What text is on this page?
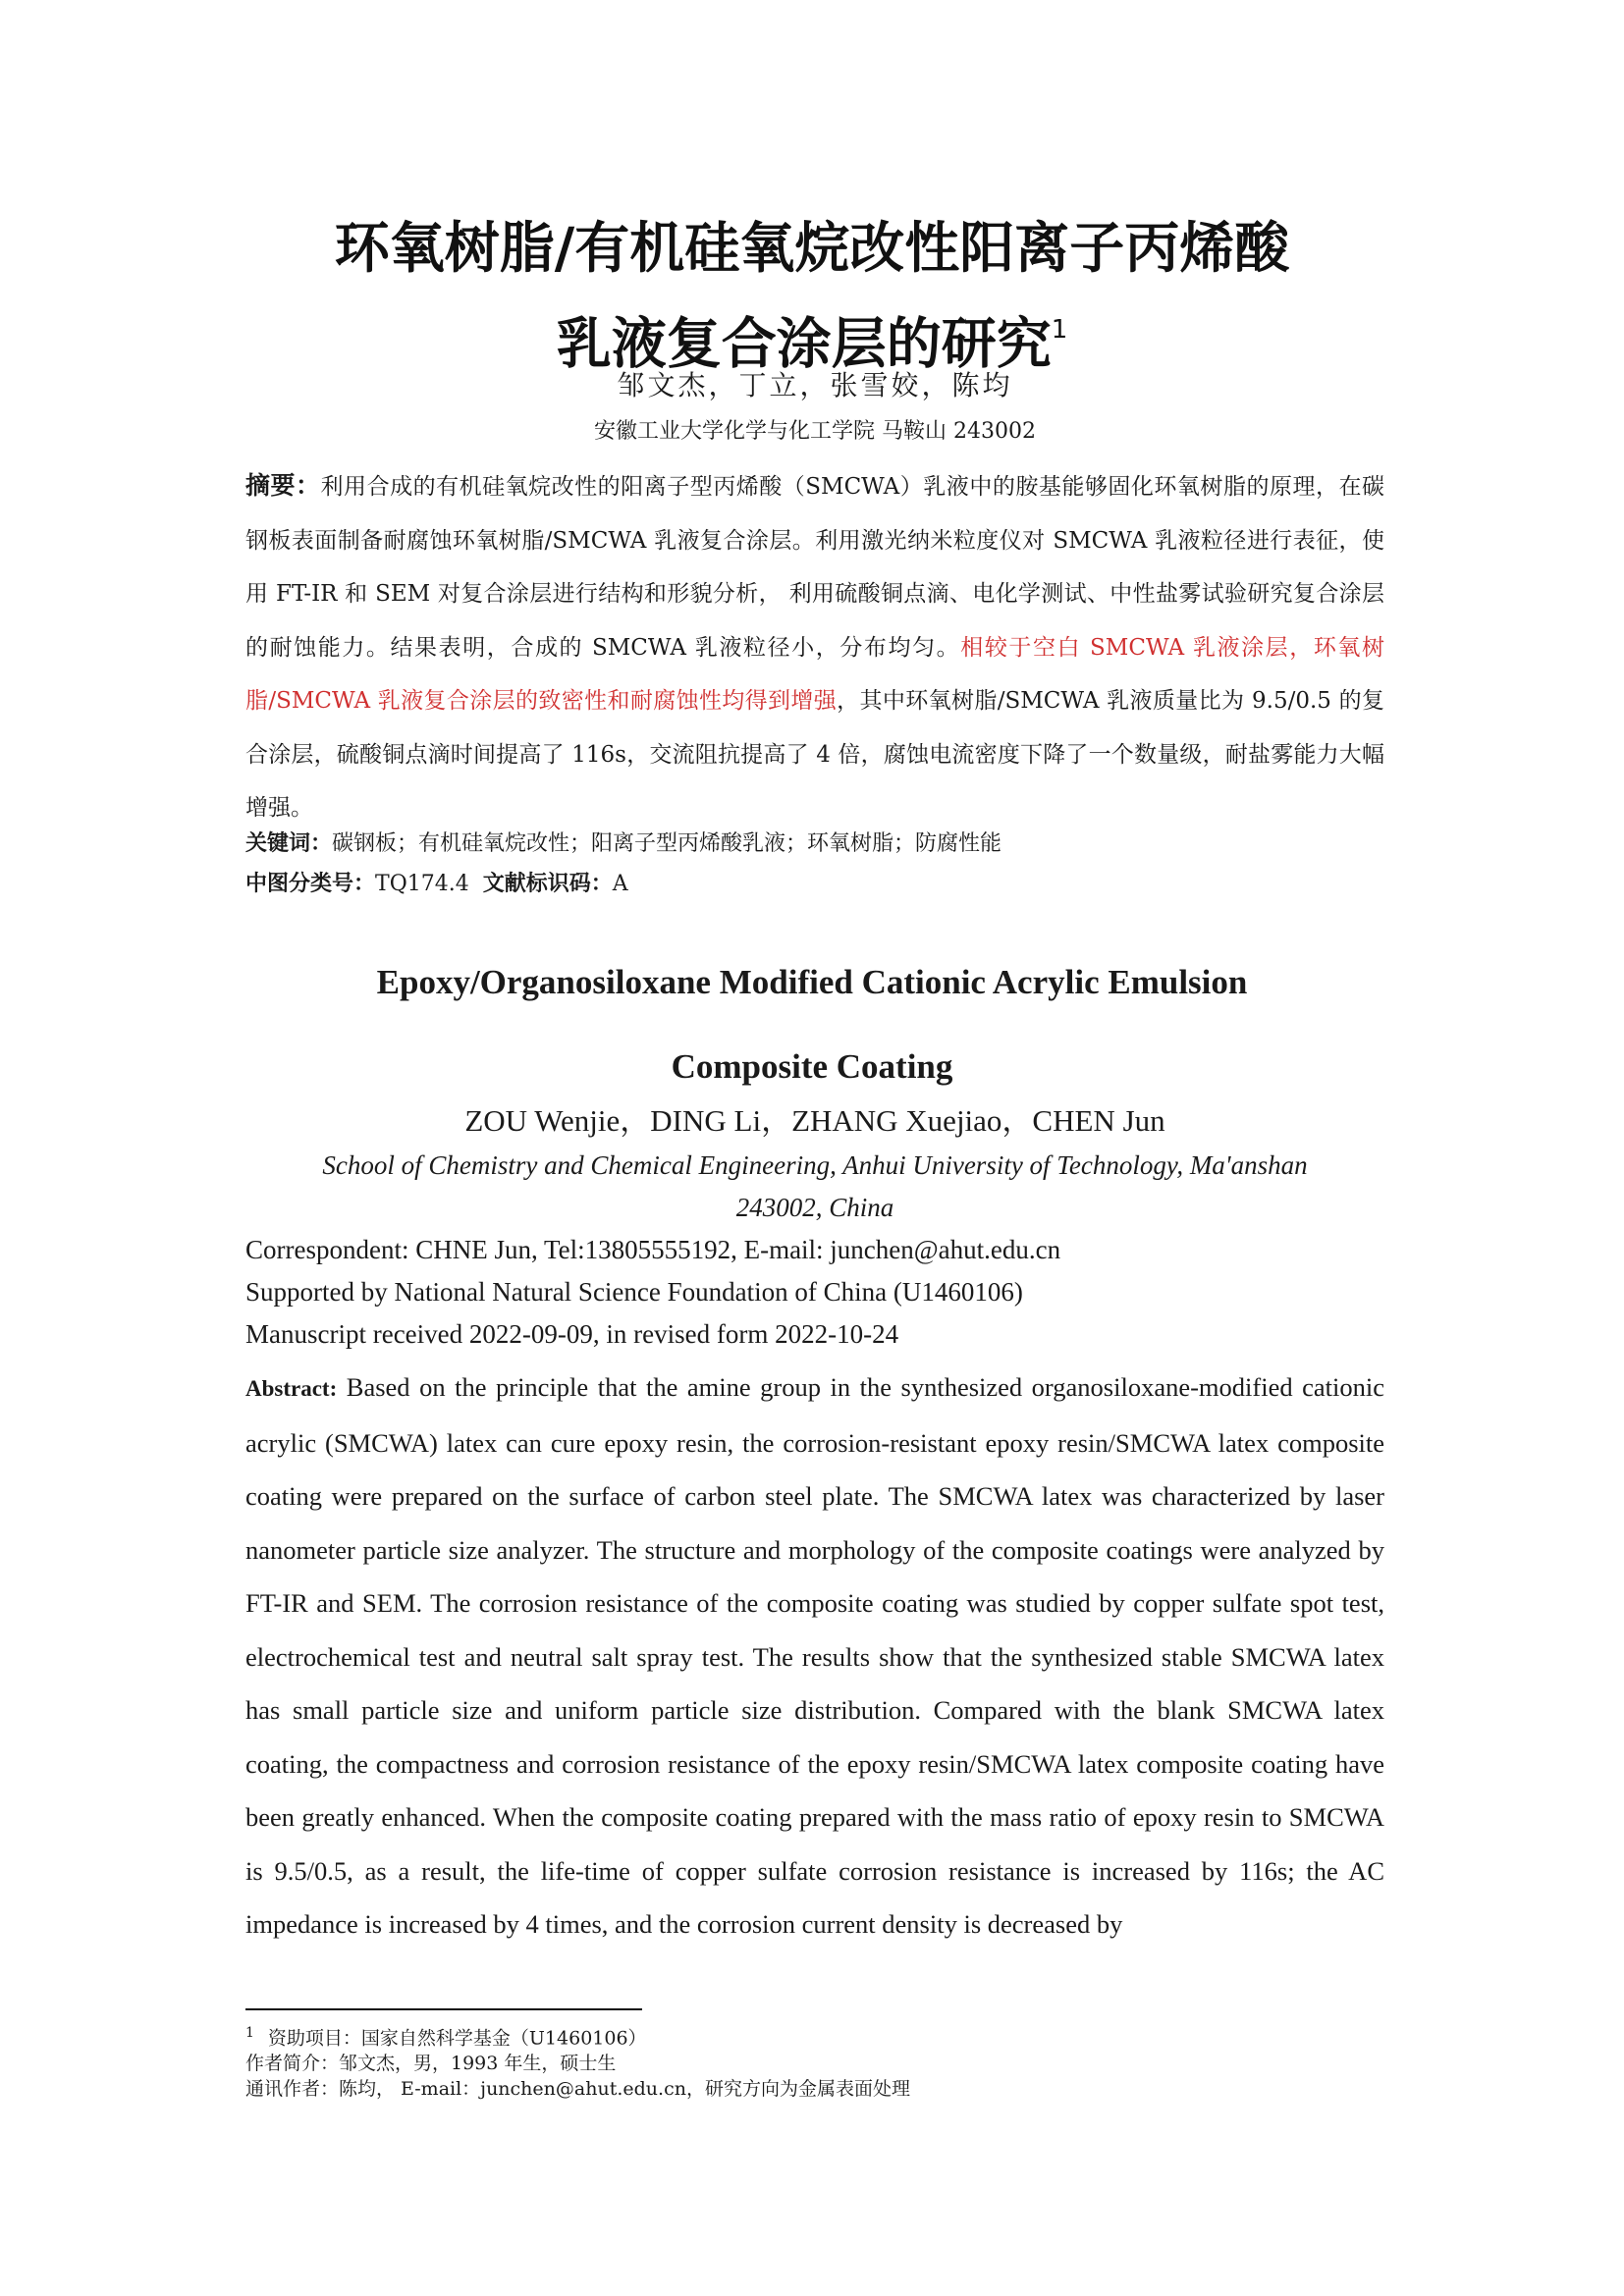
环氧树脂/有机硅氧烷改性阳离子丙烯酸
乳液复合涂层的研究$^1$
邹文杰，丁立，张雪姣，陈均
安徽工业大学化学与化工学院 马鞍山 243002
摘要：利用合成的有机硅氧烷改性的阳离子型丙烯酸（SMCWA）乳液中的胺基能够固化环氧树脂的原理，在碳钢板表面制备耐腐蚀环氧树脂/SMCWA 乳液复合涂层。利用激光纳米粒度仪对 SMCWA 乳液粒径进行表征，使用 FT-IR 和 SEM 对复合涂层进行结构和形貌分析， 利用硫酸铜点滴、电化学测试、中性盐雾试验研究复合涂层的耐蚀能力。结果表明，合成的 SMCWA 乳液粒径小，分布均匀。相较于空白 SMCWA 乳液涂层，环氧树脂/SMCWA 乳液复合涂层的致密性和耐腐蚀性均得到增强，其中环氧树脂/SMCWA 乳液质量比为 9.5/0.5 的复合涂层，硫酸铜点滴时间提高了 116s，交流阻抗提高了 4 倍，腐蚀电流密度下降了一个数量级，耐盐雾能力大幅增强。
关键词：碳钢板；有机硅氧烷改性；阳离子型丙烯酸乳液；环氧树脂；防腐性能
中图分类号：TQ174.4 文献标识码：A
Epoxy/Organosiloxane Modified Cationic Acrylic Emulsion
Composite Coating
ZOU Wenjie，DING Li，ZHANG Xuejiao，CHEN Jun
School of Chemistry and Chemical Engineering, Anhui University of Technology, Ma'anshan
243002, China
Correspondent: CHNE Jun, Tel:13805555192, E-mail: junchen@ahut.edu.cn
Supported by National Natural Science Foundation of China (U1460106)
Manuscript received 2022-09-09, in revised form 2022-10-24
Abstract: Based on the principle that the amine group in the synthesized organosiloxane-modified cationic acrylic (SMCWA) latex can cure epoxy resin, the corrosion-resistant epoxy resin/SMCWA latex composite coating were prepared on the surface of carbon steel plate. The SMCWA latex was characterized by laser nanometer particle size analyzer. The structure and morphology of the composite coatings were analyzed by FT-IR and SEM. The corrosion resistance of the composite coating was studied by copper sulfate spot test, electrochemical test and neutral salt spray test. The results show that the synthesized stable SMCWA latex has small particle size and uniform particle size distribution. Compared with the blank SMCWA latex coating, the compactness and corrosion resistance of the epoxy resin/SMCWA latex composite coating have been greatly enhanced. When the composite coating prepared with the mass ratio of epoxy resin to SMCWA is 9.5/0.5, as a result, the life-time of copper sulfate corrosion resistance is increased by 116s; the AC impedance is increased by 4 times, and the corrosion current density is decreased by
$^1$ 资助项目：国家自然科学基金（U1460106）
作者简介：邹文杰，男，1993 年生，硕士生
通讯作者：陈均， E-mail：junchen@ahut.edu.cn，研究方向为金属表面处理
